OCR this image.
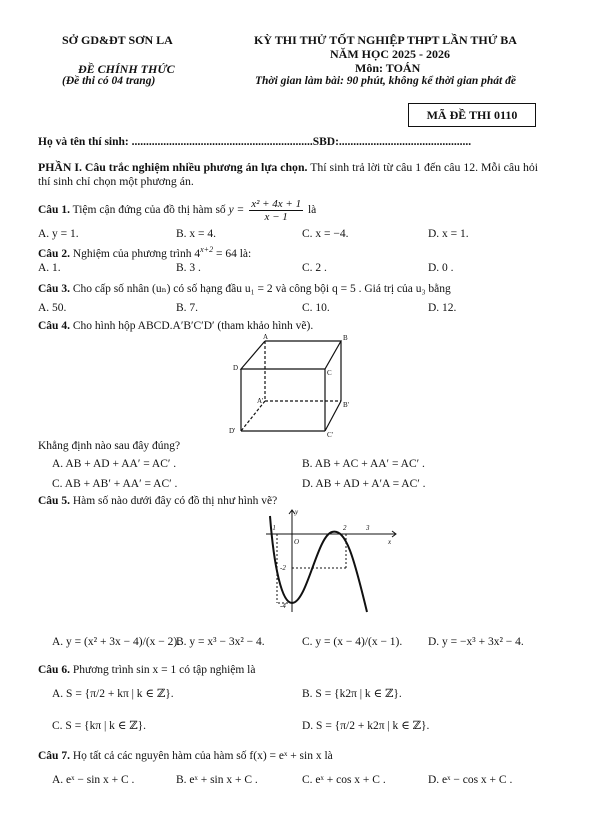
SỞ GD&ĐT SƠN LA
ĐỀ CHÍNH THỨC
(Đề thi có 04 trang)
KỲ THI THỬ TỐT NGHIỆP THPT LẦN THỨ BA
NĂM HỌC 2025 - 2026
Môn: TOÁN
Thời gian làm bài: 90 phút, không kể thời gian phát đề
MÃ ĐỀ THI 0110
Họ và tên thí sinh: ...............................................................SBD:..............................................
PHẦN I. Câu trắc nghiệm nhiều phương án lựa chọn. Thí sinh trả lời từ câu 1 đến câu 12. Mỗi câu hỏi
thí sinh chỉ chọn một phương án.
Câu 1. Tiệm cận đứng của đồ thị hàm số $y = \frac{\text{x² + 4x + 1}}{x - 1}$ là
A. y = 1.	B. x = 4.	C. x = −4.	D. x = 1.
Câu 2. Nghiệm của phương trình $4^{x+2} = 64$ là:
A. 1.	B. 3 .	C. 2 .	D. 0 .
Câu 3. Cho cấp số nhân (uₙ) có số hạng đầu u₁ = 2 và công bội q = 5 . Giá trị của u₃ bằng
A. 50.	B. 7.	C. 10.	D. 12.
Câu 4. Cho hình hộp ABCD.A′B′C′D′ (tham khảo hình vẽ).
A	B
D
C
A'	B'
D'	C'
Khẳng định nào sau đây đúng?
A. AB + AD + AA′ = AC′ .	B. AB + AC + AA′ = AC′ .
C. AB + AB′ + AA′ = AC′ .	D. AB + AD + A′A = AC′ .
Câu 5. Hàm số nào dưới đây có đồ thị như hình vẽ?
y
x
O
-1	2	3
-2
-4
A. y = (x² + 3x − 4)/(x − 2).
B. y = x³ − 3x² − 4.	C. y = (x − 4)/(x − 1). D. y = −x³ + 3x² − 4.
Câu 6. Phương trình sin x = 1 có tập nghiệm là
A. S = {π/2 + kπ | k ∈ ℤ}.	B. S = {k2π | k ∈ ℤ}.
C. S = {kπ | k ∈ ℤ}.	D. S = {π/2 + k2π | k ∈ ℤ}.
Câu 7. Họ tất cả các nguyên hàm của hàm số f(x) = eˣ + sin x là
A. eˣ − sin x + C .	B. eˣ + sin x + C .	C. eˣ + cos x + C .	D. eˣ − cos x + C .
